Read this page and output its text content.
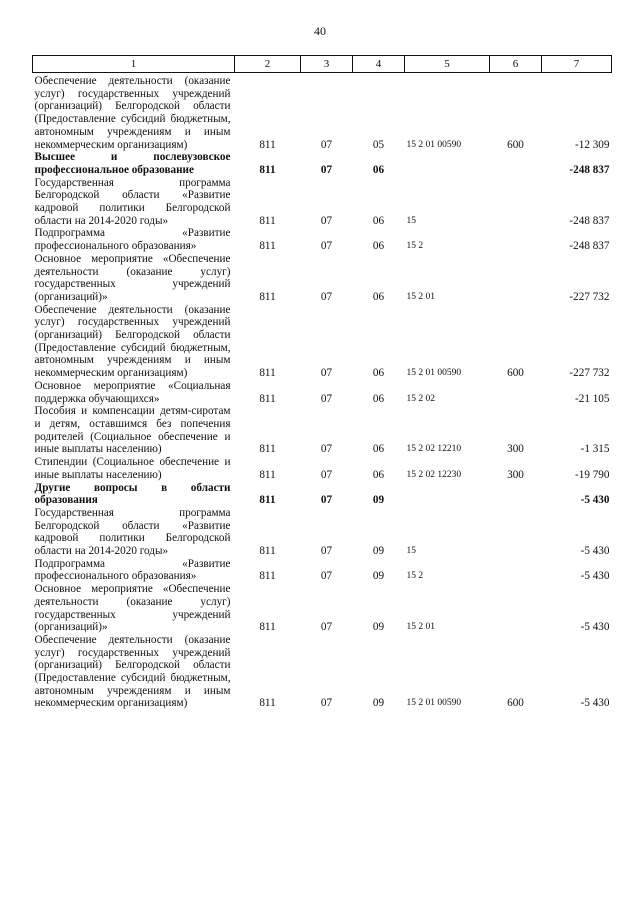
40
1	2	3	4	5	6	7
Обеспечение деятельности (оказание услуг) государственных учреждений (организаций) Белгородской области (Предоставление субсидий бюджетным, автономным учреждениям и иным некоммерческим организациям)	811	07	05	15 2 01 00590	600	-12 309
Высшее и послевузовское профессиональное образование	811	07	06			-248 837
Государственная программа Белгородской области «Развитие кадровой политики Белгородской области на 2014-2020 годы»	811	07	06	15		-248 837
Подпрограмма «Развитие профессионального образования»	811	07	06	15 2		-248 837
Основное мероприятие «Обеспечение деятельности (оказание услуг) государственных учреждений (организаций)»	811	07	06	15 2 01		-227 732
Обеспечение деятельности (оказание услуг) государственных учреждений (организаций) Белгородской области (Предоставление субсидий бюджетным, автономным учреждениям и иным некоммерческим организациям)	811	07	06	15 2 01 00590	600	-227 732
Основное мероприятие «Социальная поддержка обучающихся»	811	07	06	15 2 02		-21 105
Пособия и компенсации детям-сиротам и детям, оставшимся без попечения родителей (Социальное обеспечение и иные выплаты населению)	811	07	06	15 2 02 12210	300	-1 315
Стипендии (Социальное обеспечение и иные выплаты населению)	811	07	06	15 2 02 12230	300	-19 790
Другие вопросы в области образования	811	07	09			-5 430
Государственная программа Белгородской области «Развитие кадровой политики Белгородской области на 2014-2020 годы»	811	07	09	15		-5 430
Подпрограмма «Развитие профессионального образования»	811	07	09	15 2		-5 430
Основное мероприятие «Обеспечение деятельности (оказание услуг) государственных учреждений (организаций)»	811	07	09	15 2 01		-5 430
Обеспечение деятельности (оказание услуг) государственных учреждений (организаций) Белгородской области (Предоставление субсидий бюджетным, автономным учреждениям и иным некоммерческим организациям)	811	07	09	15 2 01 00590	600	-5 430
